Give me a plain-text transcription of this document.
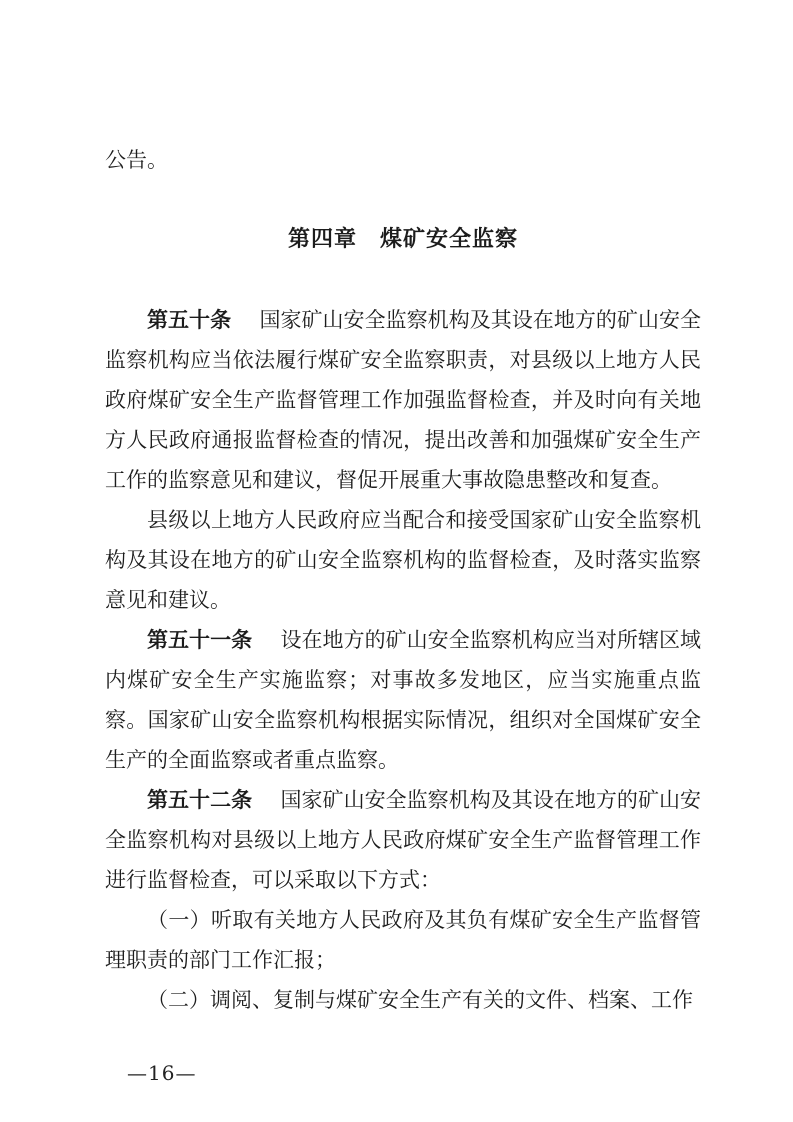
公告。

第四章　煤矿安全监察

第五十条 国家矿山安全监察机构及其设在地方的矿山安全监察机构应当依法履行煤矿安全监察职责，对县级以上地方人民政府煤矿安全生产监督管理工作加强监督检查，并及时向有关地方人民政府通报监督检查的情况，提出改善和加强煤矿安全生产工作的监察意见和建议，督促开展重大事故隐患整改和复查。

县级以上地方人民政府应当配合和接受国家矿山安全监察机构及其设在地方的矿山安全监察机构的监督检查，及时落实监察意见和建议。

第五十一条 设在地方的矿山安全监察机构应当对所辖区域内煤矿安全生产实施监察；对事故多发地区，应当实施重点监察。国家矿山安全监察机构根据实际情况，组织对全国煤矿安全生产的全面监察或者重点监察。

第五十二条 国家矿山安全监察机构及其设在地方的矿山安全监察机构对县级以上地方人民政府煤矿安全生产监督管理工作进行监督检查，可以采取以下方式：

（一）听取有关地方人民政府及其负有煤矿安全生产监督管理职责的部门工作汇报；

（二）调阅、复制与煤矿安全生产有关的文件、档案、工作

—16—
